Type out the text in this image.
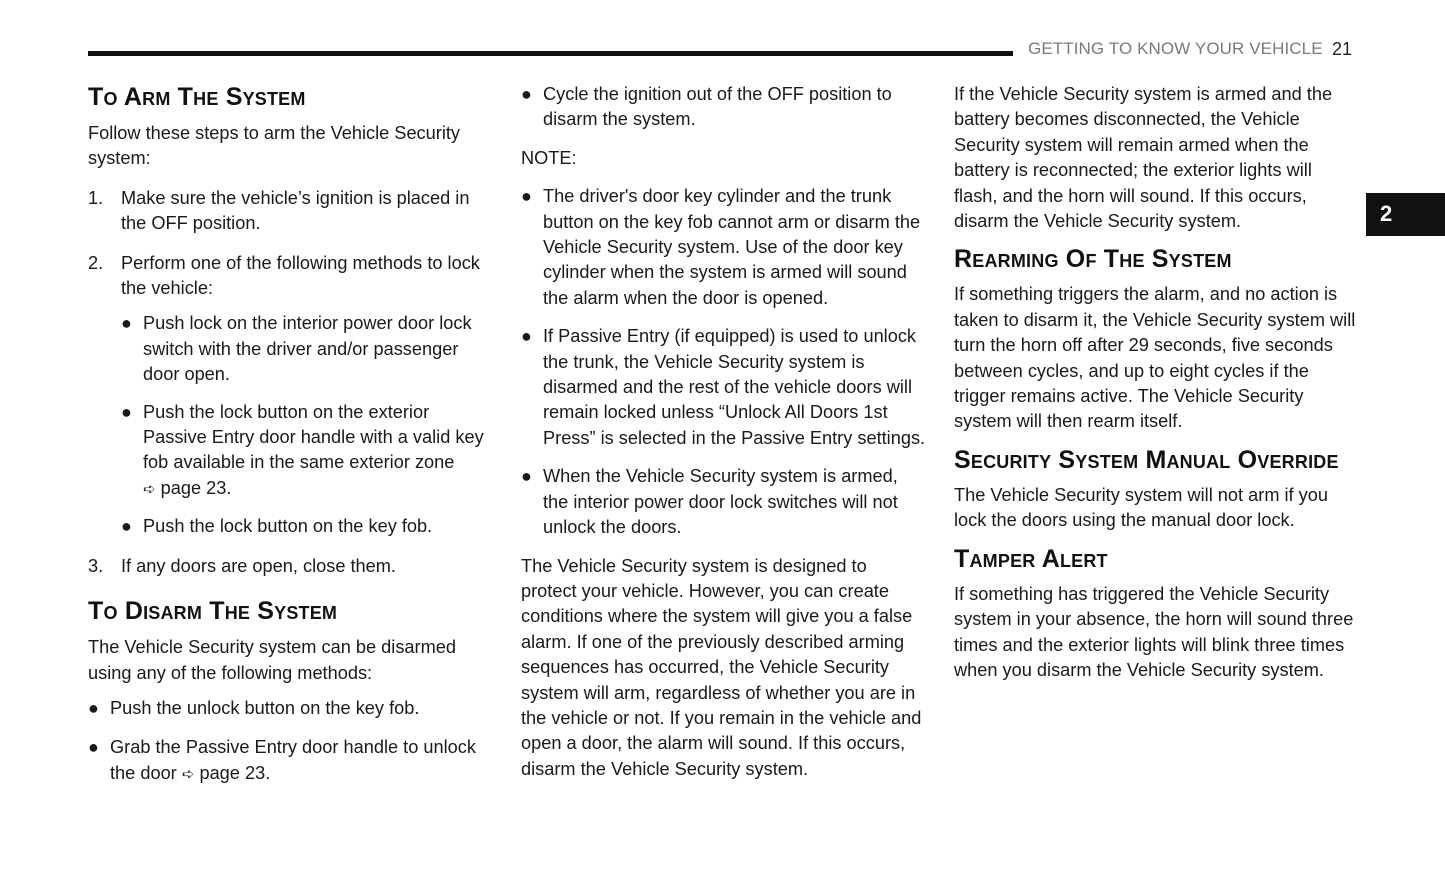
GETTING TO KNOW YOUR VEHICLE 21
2
To Arm The System

Follow these steps to arm the Vehicle Security system:

1. Make sure the vehicle’s ignition is placed in the OFF position.

2. Perform one of the following methods to lock the vehicle:

● Push lock on the interior power door lock switch with the driver and/or passenger door open.

● Push the lock button on the exterior Passive Entry door handle with a valid key fob available in the same exterior zone
➪ page 23.

● Push the lock button on the key fob.

3. If any doors are open, close them.

To Disarm The System

The Vehicle Security system can be disarmed using any of the following methods:

● Push the unlock button on the key fob.

● Grab the Passive Entry door handle to unlock the door ➪ page 23.

● Cycle the ignition out of the OFF position to disarm the system.

NOTE:

● The driver's door key cylinder and the trunk button on the key fob cannot arm or disarm the Vehicle Security system. Use of the door key cylinder when the system is armed will sound the alarm when the door is opened.

● If Passive Entry (if equipped) is used to unlock the trunk, the Vehicle Security system is disarmed and the rest of the vehicle doors will remain locked unless “Unlock All Doors 1st Press” is selected in the Passive Entry settings.

● When the Vehicle Security system is armed, the interior power door lock switches will not unlock the doors.

The Vehicle Security system is designed to protect your vehicle. However, you can create conditions where the system will give you a false alarm. If one of the previously described arming sequences has occurred, the Vehicle Security system will arm, regardless of whether you are in the vehicle or not. If you remain in the vehicle and open a door, the alarm will sound. If this occurs, disarm the Vehicle Security system.

If the Vehicle Security system is armed and the battery becomes disconnected, the Vehicle Security system will remain armed when the battery is reconnected; the exterior lights will flash, and the horn will sound. If this occurs, disarm the Vehicle Security system.

Rearming Of The System

If something triggers the alarm, and no action is taken to disarm it, the Vehicle Security system will turn the horn off after 29 seconds, five seconds between cycles, and up to eight cycles if the trigger remains active. The Vehicle Security system will then rearm itself.

Security System Manual Override

The Vehicle Security system will not arm if you lock the doors using the manual door lock.

Tamper Alert

If something has triggered the Vehicle Security system in your absence, the horn will sound three times and the exterior lights will blink three times when you disarm the Vehicle Security system.
